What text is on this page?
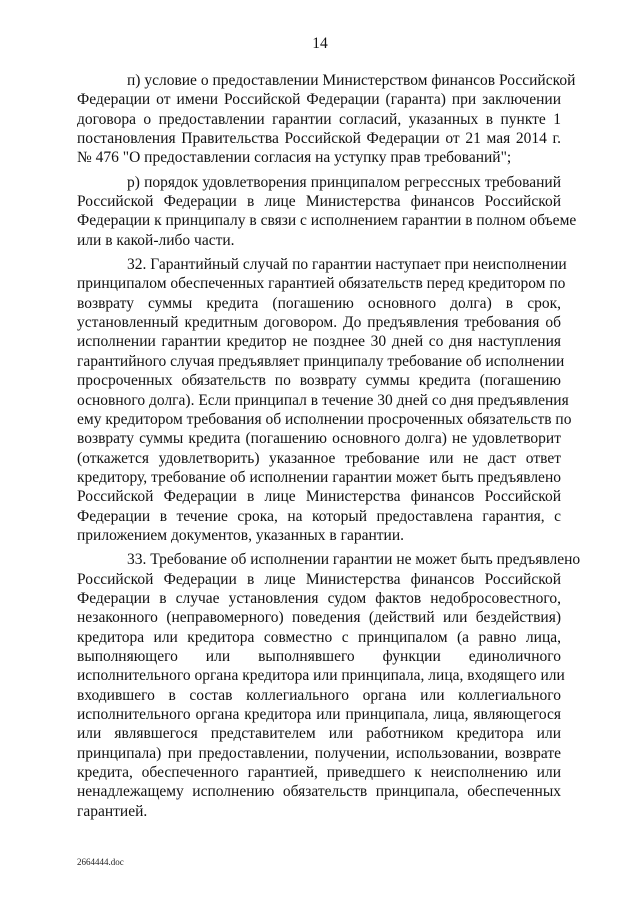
14
п) условие о предоставлении Министерством финансов Российской
Федерации от имени Российской Федерации (гаранта) при заключении
договора о предоставлении гарантии согласий, указанных в пункте 1
постановления Правительства Российской Федерации от 21 мая 2014 г.
№ 476 "О предоставлении согласия на уступку прав требований";
р) порядок удовлетворения принципалом регрессных требований
Российской Федерации в лице Министерства финансов Российской
Федерации к принципалу в связи с исполнением гарантии в полном объеме
или в какой-либо части.
32. Гарантийный случай по гарантии наступает при неисполнении
принципалом обеспеченных гарантией обязательств перед кредитором по
возврату суммы кредита (погашению основного долга) в срок,
установленный кредитным договором. До предъявления требования об
исполнении гарантии кредитор не позднее 30 дней со дня наступления
гарантийного случая предъявляет принципалу требование об исполнении
просроченных обязательств по возврату суммы кредита (погашению
основного долга). Если принципал в течение 30 дней со дня предъявления
ему кредитором требования об исполнении просроченных обязательств по
возврату суммы кредита (погашению основного долга) не удовлетворит
(откажется удовлетворить) указанное требование или не даст ответ
кредитору, требование об исполнении гарантии может быть предъявлено
Российской Федерации в лице Министерства финансов Российской
Федерации в течение срока, на который предоставлена гарантия, с
приложением документов, указанных в гарантии.
33. Требование об исполнении гарантии не может быть предъявлено
Российской Федерации в лице Министерства финансов Российской
Федерации в случае установления судом фактов недобросовестного,
незаконного (неправомерного) поведения (действий или бездействия)
кредитора или кредитора совместно с принципалом (а равно лица,
выполняющего или выполнявшего функции единоличного
исполнительного органа кредитора или принципала, лица, входящего или
входившего в состав коллегиального органа или коллегиального
исполнительного органа кредитора или принципала, лица, являющегося
или являвшегося представителем или работником кредитора или
принципала) при предоставлении, получении, использовании, возврате
кредита, обеспеченного гарантией, приведшего к неисполнению или
ненадлежащему исполнению обязательств принципала, обеспеченных
гарантией.
2664444.doc
